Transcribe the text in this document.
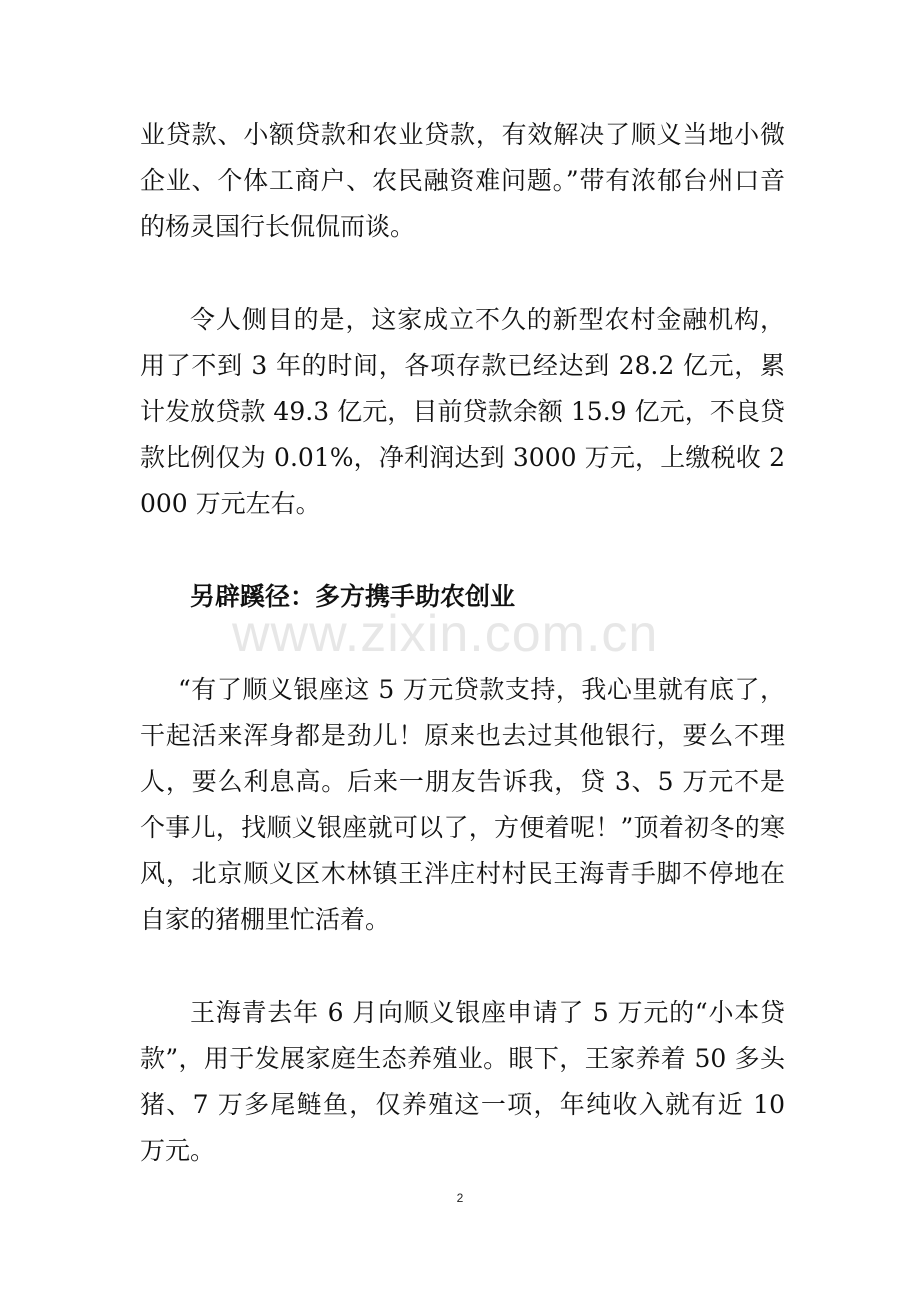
业贷款、小额贷款和农业贷款，有效解决了顺义当地小微企业、个体工商户、农民融资难问题。”带有浓郁台州口音的杨灵国行长侃侃而谈。

令人侧目的是，这家成立不久的新型农村金融机构，用了不到 3 年的时间，各项存款已经达到 28.2 亿元，累计发放贷款 49.3 亿元，目前贷款余额 15.9 亿元，不良贷款比例仅为 0.01%，净利润达到 3000 万元，上缴税收 2000 万元左右。

另辟蹊径：多方携手助农创业

“有了顺义银座这 5 万元贷款支持，我心里就有底了，干起活来浑身都是劲儿！原来也去过其他银行，要么不理人，要么利息高。后来一朋友告诉我，贷 3、5 万元不是个事儿，找顺义银座就可以了，方便着呢！”顶着初冬的寒风，北京顺义区木林镇王泮庄村村民王海青手脚不停地在自家的猪棚里忙活着。

王海青去年 6 月向顺义银座申请了 5 万元的“小本贷款”，用于发展家庭生态养殖业。眼下，王家养着 50 多头猪、7 万多尾鲢鱼，仅养殖这一项，年纯收入就有近 10 万元。

www.zixin.com.cn
2
